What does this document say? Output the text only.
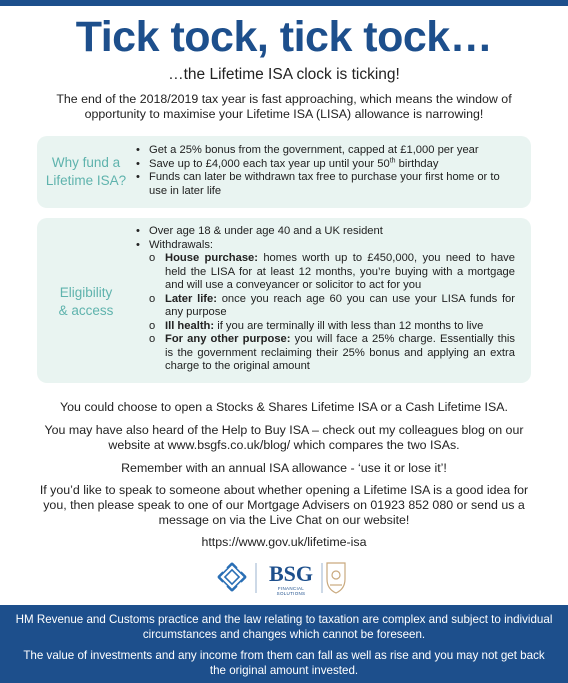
Tick tock, tick tock…
…the Lifetime ISA clock is ticking!
The end of the 2018/2019 tax year is fast approaching, which means the window of opportunity to maximise your Lifetime ISA (LISA) allowance is narrowing!
Why fund a
Lifetime ISA?
• Get a 25% bonus from the government, capped at £1,000 per year
• Save up to £4,000 each tax year up until your 50th birthday
• Funds can later be withdrawn tax free to purchase your first home or to use in later life
Eligibility
& access
• Over age 18 & under age 40 and a UK resident
• Withdrawals:
o House purchase: homes worth up to £450,000, you need to have held the LISA for at least 12 months, you’re buying with a mortgage and will use a conveyancer or solicitor to act for you
o Later life: once you reach age 60 you can use your LISA funds for any purpose
o Ill health: if you are terminally ill with less than 12 months to live
o For any other purpose: you will face a 25% charge. Essentially this is the government reclaiming their 25% bonus and applying an extra charge to the original amount
You could choose to open a Stocks & Shares Lifetime ISA or a Cash Lifetime ISA.
You may have also heard of the Help to Buy ISA – check out my colleagues blog on our website at www.bsgfs.co.uk/blog/ which compares the two ISAs.
Remember with an annual ISA allowance - ‘use it or lose it’!
If you’d like to speak to someone about whether opening a Lifetime ISA is a good idea for you, then please speak to one of our Mortgage Advisers on 01923 852 080 or send us a message on via the Live Chat on our website!
https://www.gov.uk/lifetime-isa
BSG
FINANCIAL SOLUTIONS

HM Revenue and Customs practice and the law relating to taxation are complex and subject to individual circumstances and changes which cannot be foreseen.

The value of investments and any income from them can fall as well as rise and you may not get back the original amount invested.
